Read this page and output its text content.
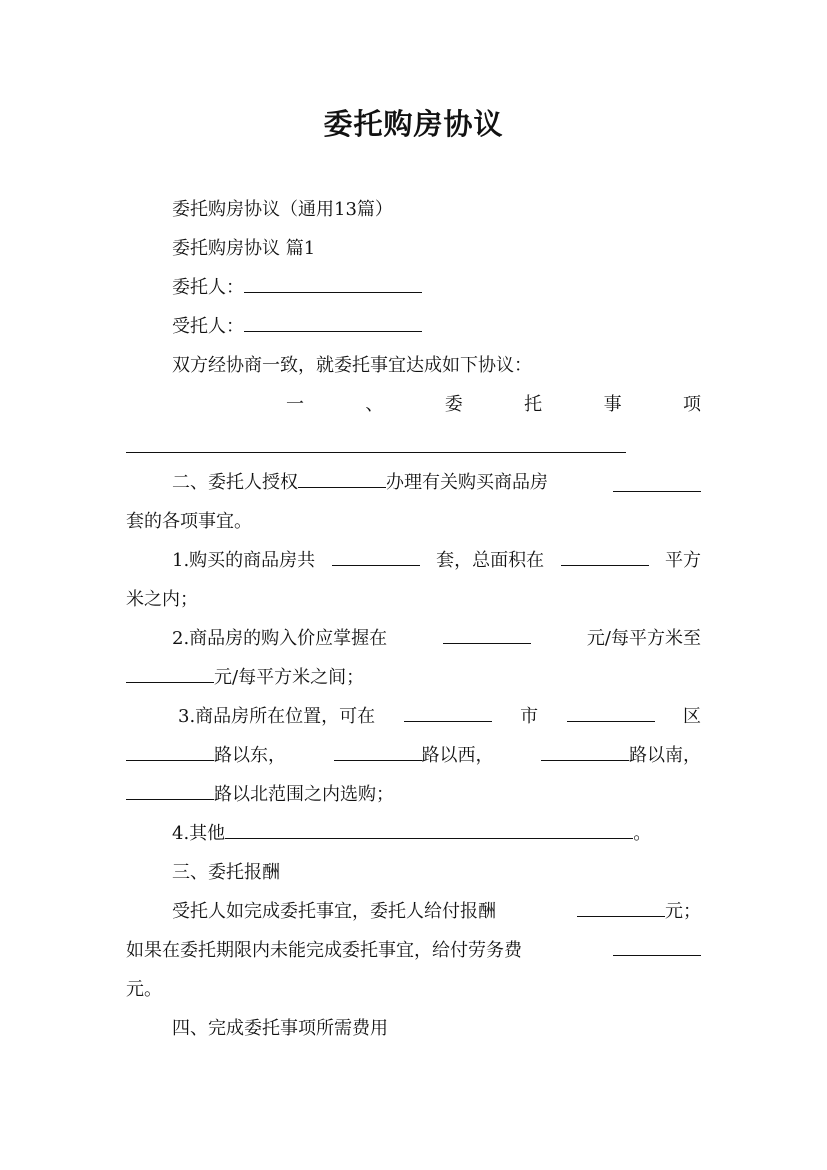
委托购房协议
委托购房协议（通用13篇）
委托购房协议 篇1
委托人：
受托人：
双方经协商一致，就委托事宜达成如下协议：
一	、	委	托	事	项
二、委托人授权	办理有关购买商品房
套的各项事宜。
1.购买的商品房共	套，总面积在	平方
米之内；
2.商品房的购入价应掌握在	元/每平方米至
元/每平方米之间；
3.商品房所在位置，可在	市	区
路以东，	路以西，	路以南，
路以北范围之内选购；
4.其他	。
三、委托报酬
受托人如完成委托事宜，委托人给付报酬	元；
如果在委托期限内未能完成委托事宜，给付劳务费
元。
四、完成委托事项所需费用
